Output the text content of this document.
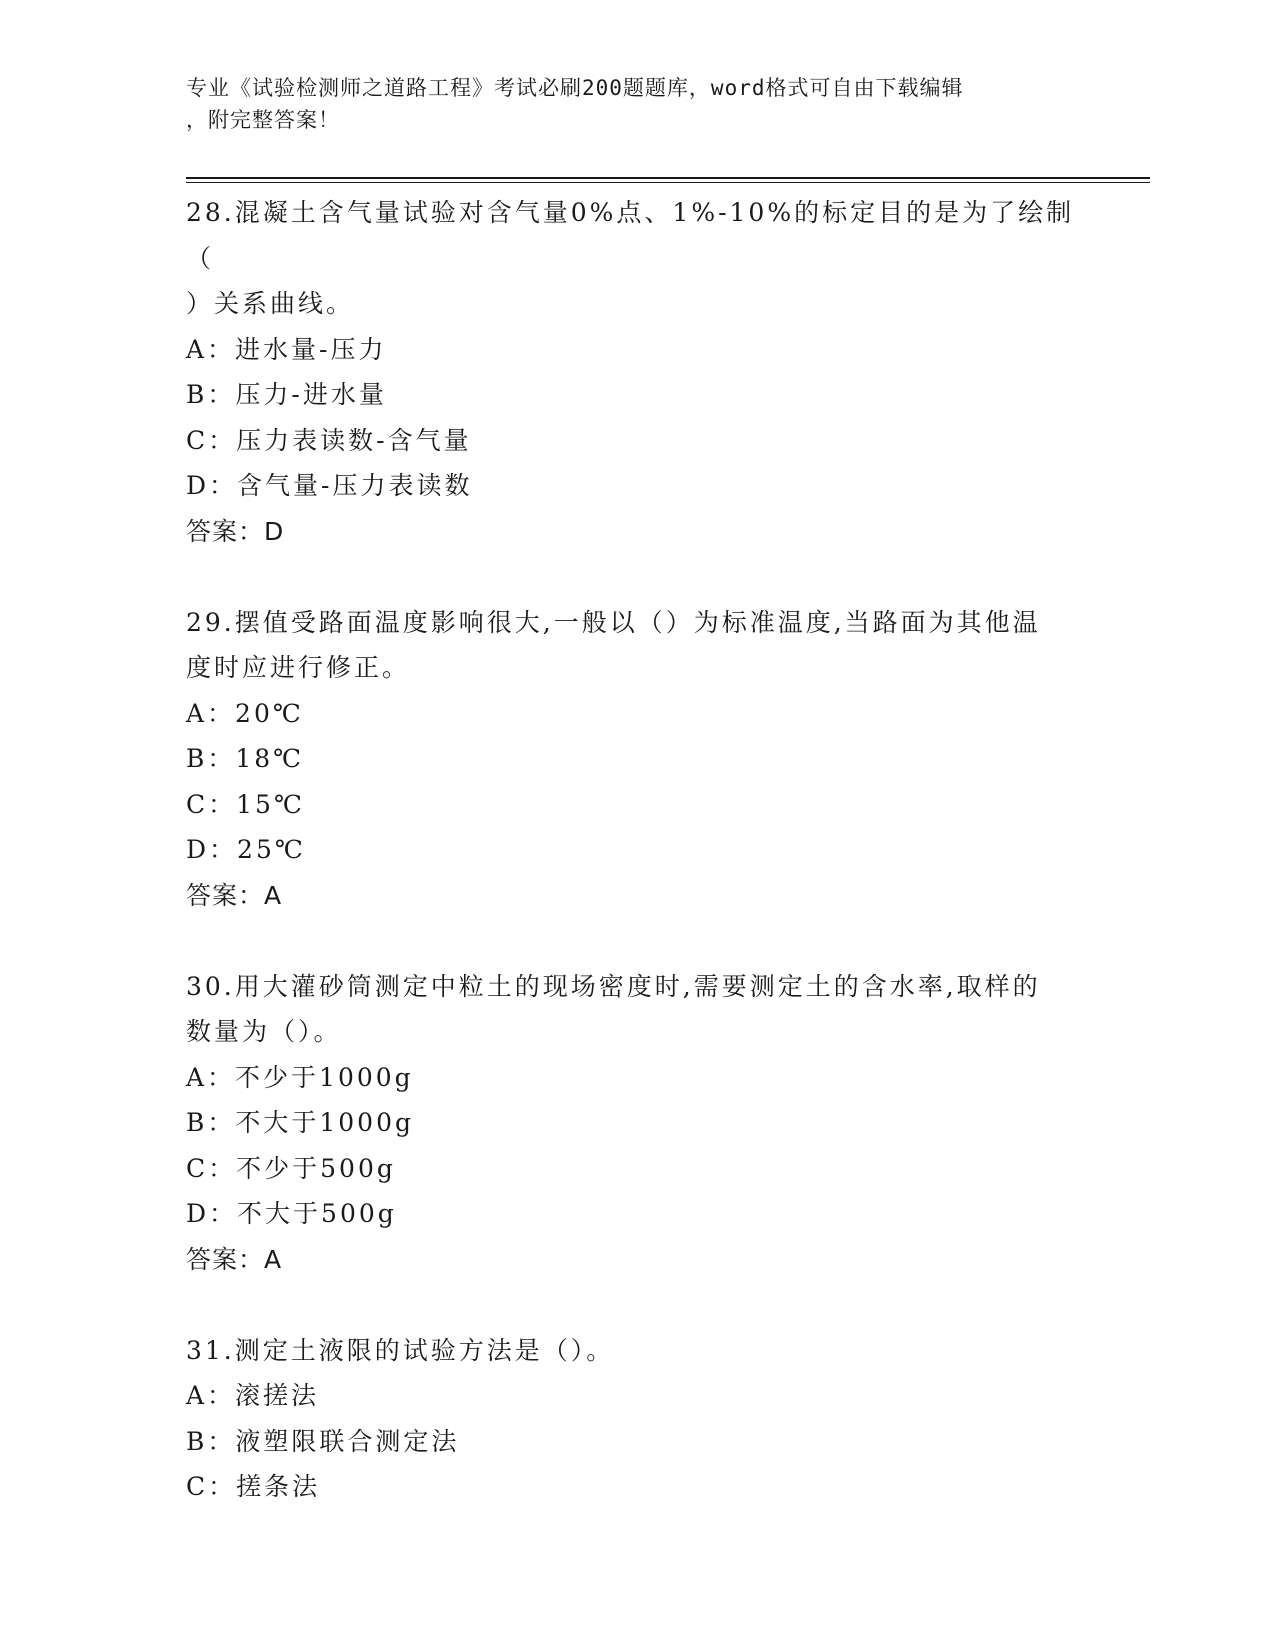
专业《试验检测师之道路工程》考试必刷200题题库，word格式可自由下载编辑
，附完整答案！

28.混凝土含气量试验对含气量0%点、1%-10%的标定目的是为了绘制（

）关系曲线。

A：进水量-压力

B：压力-进水量

C：压力表读数-含气量

D：含气量-压力表读数

答案：D

29.摆值受路面温度影响很大,一般以（）为标准温度,当路面为其他温

度时应进行修正。

A：20℃

B：18℃

C：15℃

D：25℃

答案：A

30.用大灌砂筒测定中粒土的现场密度时,需要测定土的含水率,取样的

数量为（）。

A：不少于1000g

B：不大于1000g

C：不少于500g

D：不大于500g

答案：A

31.测定土液限的试验方法是（）。

A：滚搓法

B：液塑限联合测定法

C：搓条法
